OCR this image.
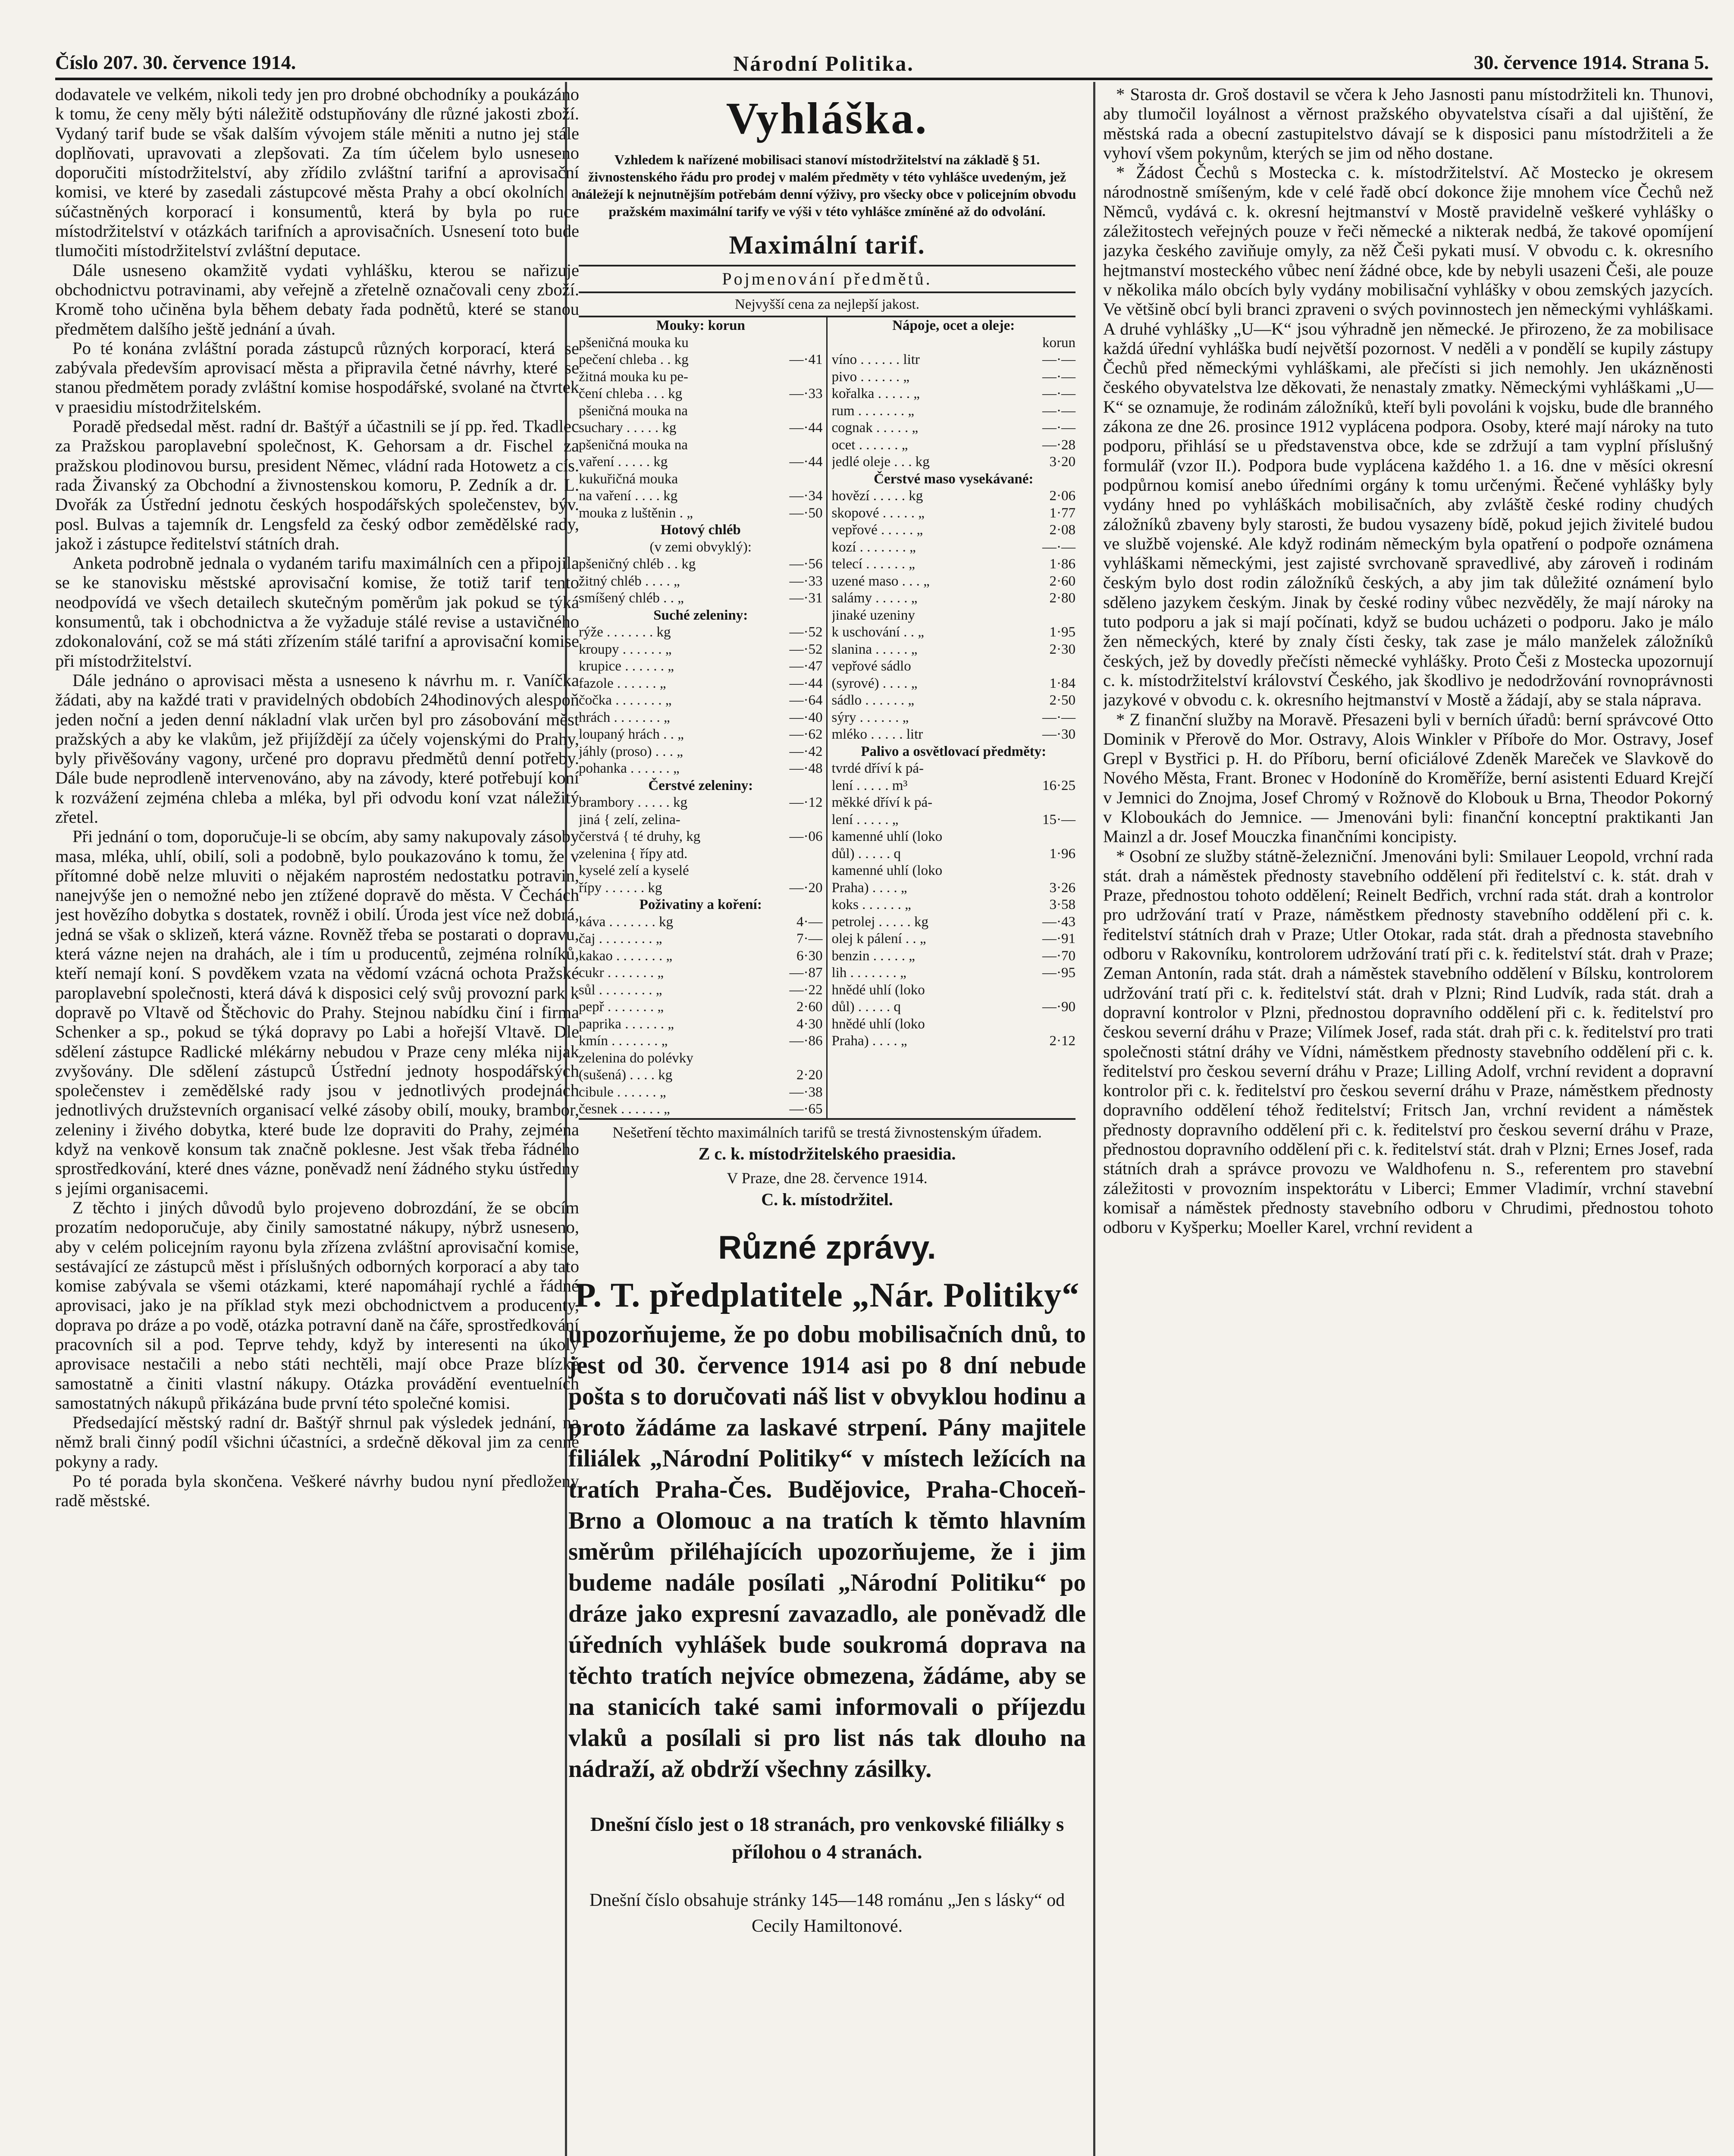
Číslo 207. 30. července 1914.	Národní Politika.	30. července 1914. Strana 5.

dodavatele ve velkém, nikoli tedy jen pro drobné obchodníky a poukázáno k tomu, že ceny měly býti náležitě odstupňovány dle různé jakosti zboží. Vydaný tarif bude se však dalším vývojem stále měniti a nutno jej stále doplňovati, upravovati a zlepšovati. Za tím účelem bylo usneseno doporučiti místodržitelství, aby zřídilo zvláštní tarifní a aprovisační komisi, ve které by zasedali zástupcové města Prahy a obcí okolních a súčastněných korporací i konsumentů, která by byla po ruce místodržitelství v otázkách tarifních a aprovisačních. Usnesení toto bude tlumočiti místodržitelství zvláštní deputace.

Dále usneseno okamžitě vydati vyhlášku, kterou se nařizuje obchodnictvu potravinami, aby veřejně a zřetelně označovali ceny zboží. Kromě toho učiněna byla během debaty řada podnětů, které se stanou předmětem dalšího ještě jednání a úvah.

Po té konána zvláštní porada zástupců různých korporací, která se zabývala především aprovisací města a připravila četné návrhy, které se stanou předmětem porady zvláštní komise hospodářské, svolané na čtvrtek v praesidiu místodržitelském.

Poradě předsedal měst. radní dr. Baštýř a účastnili se jí pp. řed. Tkadlec za Pražskou paroplavební společnost, K. Gehorsam a dr. Fischel za pražskou plodinovou bursu, president Němec, vládní rada Hotowetz a cís. rada Živanský za Obchodní a živnostenskou komoru, P. Zedník a dr. L. Dvořák za Ústřední jednotu českých hospodářských společenstev, býv. posl. Bulvas a tajemník dr. Lengsfeld za český odbor zemědělské rady, jakož i zástupce ředitelství státních drah.

Anketa podrobně jednala o vydaném tarifu maximálních cen a připojila se ke stanovisku městské aprovisační komise, že totiž tarif tento neodpovídá ve všech detailech skutečným poměrům jak pokud se týká konsumentů, tak i obchodnictva a že vyžaduje stálé revise a ustavičného zdokonalování, což se má státi zřízením stálé tarifní a aprovisační komise při místodržitelství.

Dále jednáno o aprovisaci města a usneseno k návrhu m. r. Vaníčka žádati, aby na každé trati v pravidelných obdobích 24hodinových alespoň jeden noční a jeden denní nákladní vlak určen byl pro zásobování měst pražských a aby ke vlakům, jež přijíždějí za účely vojenskými do Prahy, byly přivěšovány vagony, určené pro dopravu předmětů denní potřeby. Dále bude neprodleně intervenováno, aby na závody, které potřebují koní k rozvážení zejména chleba a mléka, byl při odvodu koní vzat náležitý zřetel.

Při jednání o tom, doporučuje-li se obcím, aby samy nakupovaly zásoby masa, mléka, uhlí, obilí, soli a podobně, bylo poukazováno k tomu, že v přítomné době nelze mluviti o nějakém naprostém nedostatku potravin, nanejvýše jen o nemožné nebo jen ztížené dopravě do města. V Čechách jest hovězího dobytka s dostatek, rovněž i obilí. Úroda jest více než dobrá, jedná se však o sklizeň, která vázne. Rovněž třeba se postarati o dopravu, která vázne nejen na drahách, ale i tím u producentů, zejména rolníků, kteří nemají koní. S povděkem vzata na vědomí vzácná ochota Pražské paroplavební společnosti, která dává k disposici celý svůj provozní park k dopravě po Vltavě od Štěchovic do Prahy. Stejnou nabídku činí i firma Schenker a sp., pokud se týká dopravy po Labi a hořejší Vltavě. Dle sdělení zástupce Radlické mlékárny nebudou v Praze ceny mléka nijak zvyšovány. Dle sdělení zástupců Ústřední jednoty hospodářských společenstev i zemědělské rady jsou v jednotlivých prodejnách jednotlivých družstevních organisací velké zásoby obilí, mouky, brambor, zeleniny i živého dobytka, které bude lze dopraviti do Prahy, zejména když na venkově konsum tak značně poklesne. Jest však třeba řádného sprostředkování, které dnes vázne, poněvadž není žádného styku ústředny s jejími organisacemi.

Z těchto i jiných důvodů bylo projeveno dobrozdání, že se obcím prozatím nedoporučuje, aby činily samostatné nákupy, nýbrž usneseno, aby v celém policejním rayonu byla zřízena zvláštní aprovisační komise, sestávající ze zástupců měst i příslušných odborných korporací a aby tato komise zabývala se všemi otázkami, které napomáhají rychlé a řádné aprovisaci, jako je na příklad styk mezi obchodnictvem a producenty, doprava po dráze a po vodě, otázka potravní daně na čáře, sprostředkování pracovních sil a pod. Teprve tehdy, když by interesenti na úkoly aprovisace nestačili a nebo státi nechtěli, mají obce Praze blízké samostatně a činiti vlastní nákupy. Otázka provádění eventuelních samostatných nákupů přikázána bude první této společné komisi.

Předsedající městský radní dr. Baštýř shrnul pak výsledek jednání, na němž brali činný podíl všichni účastníci, a srdečně děkoval jim za cenné pokyny a rady.

Po té porada byla skončena. Veškeré návrhy budou nyní předloženy radě městské.

Vyhláška.
Vzhledem k nařízené mobilisaci stanoví místodržitelství na základě § 51. živnostenského řádu pro prodej v malém předměty v této vyhlášce uvedeným, jež náležejí k nejnutnějším potřebám denní výživy, pro všecky obce v policejním obvodu pražském maximální tarify ve výši v této vyhlášce zmíněné až do odvolání.
Maximální tarif.
Pojmenování předmětů.
Nejvyšší cena za nejlepší jakost.
Mouky: korun
pšeničná mouka ku
pečení chleba . . kg	—·41
žitná mouka ku pe-
čení chleba . . . kg	—·33
pšeničná mouka na
suchary . . . . . kg	—·44
pšeničná mouka na
vaření . . . . . kg	—·44
kukuřičná mouka
na vaření . . . . kg	—·34
mouka z luštěnin . „	—·50
Hotový chléb
(v zemi obvyklý):
pšeničný chléb . . kg	—·56
žitný chléb . . . . „	—·33
smíšený chléb . . „	—·31
Suché zeleniny:
rýže . . . . . . . kg	—·52
kroupy . . . . . . „	—·52
krupice . . . . . . „	—·47
fazole . . . . . . „	—·44
čočka . . . . . . . „	—·64
hrách . . . . . . . „	—·40
loupaný hrách . . „	—·62
jáhly (proso) . . . „	—·42
pohanka . . . . . . „	—·48
Čerstvé zeleniny:
brambory . . . . . kg	—·12
jiná { zelí, zelina-
čerstvá { té druhy, kg	—·06
zelenina { řípy atd.
kyselé zelí a kyselé
řípy . . . . . . kg	—·20
Poživatiny a koření:
káva . . . . . . . kg	4·—
čaj . . . . . . . . „	7·—
kakao . . . . . . . „	6·30
cukr . . . . . . . „	—·87
sůl . . . . . . . . „	—·22
pepř . . . . . . . „	2·60
paprika . . . . . . „	4·30
kmín . . . . . . . „	—·86
zelenina do polévky
(sušená) . . . . kg	2·20
cibule . . . . . . „	—·38
česnek . . . . . . „	—·65
Nápoje, ocet a oleje:
korun
víno . . . . . . litr	—·—
pivo . . . . . . „	—·—
kořalka . . . . . „	—·—
rum . . . . . . . „	—·—
cognak . . . . . „	—·—
ocet . . . . . . „	—·28
jedlé oleje . . . kg	3·20
Čerstvé maso vysekávané:
hovězí . . . . . kg	2·06
skopové . . . . . „	1·77
vepřové . . . . . „	2·08
kozí . . . . . . . „	—·—
telecí . . . . . . „	1·86
uzené maso . . . „	2·60
salámy . . . . . „	2·80
jinaké uzeniny
k uschování . . „	1·95
slanina . . . . . „	2·30
vepřové sádlo
(syrové) . . . . „	1·84
sádlo . . . . . . „	2·50
sýry . . . . . . „	—·—
mléko . . . . . litr	—·30
Palivo a osvětlovací předměty:
tvrdé dříví k pá-
lení . . . . . m³	16·25
měkké dříví k pá-
lení . . . . . „	15·—
kamenné uhlí (loko
důl) . . . . . q	1·96
kamenné uhlí (loko
Praha) . . . . „	3·26
koks . . . . . . „	3·58
petrolej . . . . . kg	—·43
olej k pálení . . „	—·91
benzin . . . . . „	—·70
lih . . . . . . . „	—·95
hnědé uhlí (loko
důl) . . . . . q	—·90
hnědé uhlí (loko
Praha) . . . . „	2·12
Nešetření těchto maximálních tarifů se trestá živnostenským úřadem.
Z c. k. místodržitelského praesidia.
V Praze, dne 28. července 1914.
C. k. místodržitel.
Různé zprávy.
P. T. předplatitele „Nár. Politiky“
upozorňujeme, že po dobu mobilisačních dnů, to jest od 30. července 1914 asi po 8 dní nebude pošta s to doručovati náš list v obvyklou hodinu a proto žádáme za laskavé strpení. Pány majitele filiálek „Národní Politiky“ v místech ležících na tratích Praha-Čes. Budějovice, Praha-Choceň-Brno a Olomouc a na tratích k těmto hlavním směrům přiléhajících upozorňujeme, že i jim budeme nadále posílati „Národní Politiku“ po dráze jako expresní zavazadlo, ale poněvadž dle úředních vyhlášek bude soukromá doprava na těchto tratích nejvíce obmezena, žádáme, aby se na stanicích také sami informovali o příjezdu vlaků a posílali si pro list nás tak dlouho na nádraží, až obdrží všechny zásilky.
Dnešní číslo jest o 18 stranách, pro venkovské filiálky s přílohou o 4 stranách.
Dnešní číslo obsahuje stránky 145—148 románu „Jen s lásky“ od Cecily Hamiltonové.

* Starosta dr. Groš dostavil se včera k Jeho Jasnosti panu místodržiteli kn. Thunovi, aby tlumočil loyálnost a věrnost pražského obyvatelstva císaři a dal ujištění, že městská rada a obecní zastupitelstvo dávají se k disposici panu místodržiteli a že vyhoví všem pokynům, kterých se jim od něho dostane.

* Žádost Čechů s Mostecka c. k. místodržitelství. Ač Mostecko je okresem národnostně smíšeným, kde v celé řadě obcí dokonce žije mnohem více Čechů než Němců, vydává c. k. okresní hejtmanství v Mostě pravidelně veškeré vyhlášky o záležitostech veřejných pouze v řeči německé a nikterak nedbá, že takové opomíjení jazyka českého zaviňuje omyly, za něž Češi pykati musí. V obvodu c. k. okresního hejtmanství mosteckého vůbec není žádné obce, kde by nebyli usazeni Češi, ale pouze v několika málo obcích byly vydány mobilisační vyhlášky v obou zemských jazycích. Ve většině obcí byli branci zpraveni o svých povinnostech jen německými vyhláškami. A druhé vyhlášky „U—K“ jsou výhradně jen německé. Je přirozeno, že za mobilisace každá úřední vyhláška budí největší pozornost. V neděli a v pondělí se kupily zástupy Čechů před německými vyhláškami, ale přečísti si jich nemohly. Jen ukázněnosti českého obyvatelstva lze děkovati, že nenastaly zmatky. Německými vyhláškami „U—K“ se oznamuje, že rodinám záložníků, kteří byli povoláni k vojsku, bude dle branného zákona ze dne 26. prosince 1912 vyplácena podpora. Osoby, které mají nároky na tuto podporu, přihlásí se u představenstva obce, kde se zdržují a tam vyplní příslušný formulář (vzor II.). Podpora bude vyplácena každého 1. a 16. dne v měsíci okresní podpůrnou komisí anebo úředními orgány k tomu určenými. Řečené vyhlášky byly vydány hned po vyhláškách mobilisačních, aby zvláště české rodiny chudých záložníků zbaveny byly starosti, že budou vysazeny bídě, pokud jejich živitelé budou ve službě vojenské. Ale když rodinám německým byla opatření o podpoře oznámena vyhláškami německými, jest zajisté svrchovaně spravedlivé, aby zároveň i rodinám českým bylo dost rodin záložníků českých, a aby jim tak důležité oznámení bylo sděleno jazykem českým. Jinak by české rodiny vůbec nezvěděly, že mají nároky na tuto podporu a jak si mají počínati, když se budou ucházeti o podporu. Jako je málo žen německých, které by znaly čísti česky, tak zase je málo manželek záložníků českých, jež by dovedly přečísti německé vyhlášky. Proto Češi z Mostecka upozornují c. k. místodržitelství království Českého, jak škodlivo je nedodržování rovnoprávnosti jazykové v obvodu c. k. okresního hejtmanství v Mostě a žádají, aby se stala náprava.

* Z finanční služby na Moravě. Přesazeni byli v berních úřadů: berní správcové Otto Dominik v Přerově do Mor. Ostravy, Alois Winkler v Příboře do Mor. Ostravy, Josef Grepl v Bystřici p. H. do Příboru, berní oficiálové Zdeněk Mareček ve Slavkově do Nového Města, Frant. Bronec v Hodoníně do Kroměříže, berní asistenti Eduard Krejčí v Jemnici do Znojma, Josef Chromý v Rožnově do Klobouk u Brna, Theodor Pokorný v Kloboukách do Jemnice. — Jmenováni byli: finanční konceptní praktikanti Jan Mainzl a dr. Josef Mouczka finančními koncipisty.

* Osobní ze služby státně-železniční. Jmenováni byli: Smilauer Leopold, vrchní rada stát. drah a náměstek přednosty stavebního oddělení při ředitelství c. k. stát. drah v Praze, přednostou tohoto oddělení; Reinelt Bedřich, vrchní rada stát. drah a kontrolor pro udržování tratí v Praze, náměstkem přednosty stavebního oddělení při c. k. ředitelství státních drah v Praze; Utler Otokar, rada stát. drah a přednosta stavebního odboru v Rakovníku, kontrolorem udržování tratí při c. k. ředitelství stát. drah v Praze; Zeman Antonín, rada stát. drah a náměstek stavebního oddělení v Bílsku, kontrolorem udržování tratí při c. k. ředitelství stát. drah v Plzni; Rind Ludvík, rada stát. drah a dopravní kontrolor v Plzni, přednostou dopravního oddělení při c. k. ředitelství pro českou severní dráhu v Praze; Vilímek Josef, rada stát. drah při c. k. ředitelství pro trati společnosti státní dráhy ve Vídni, náměstkem přednosty stavebního oddělení při c. k. ředitelství pro českou severní dráhu v Praze; Lilling Adolf, vrchní revident a dopravní kontrolor při c. k. ředitelství pro českou severní dráhu v Praze, náměstkem přednosty dopravního oddělení téhož ředitelství; Fritsch Jan, vrchní revident a náměstek přednosty dopravního oddělení při c. k. ředitelství pro českou severní dráhu v Praze, přednostou dopravního oddělení při c. k. ředitelství stát. drah v Plzni; Ernes Josef, rada státních drah a správce provozu ve Waldhofenu n. S., referentem pro stavební záležitosti v provozním inspektorátu v Liberci; Emmer Vladimír, vrchní stavební komisař a náměstek přednosty stavebního odboru v Chrudimi, přednostou tohoto odboru v Kyšperku; Moeller Karel, vrchní revident a
